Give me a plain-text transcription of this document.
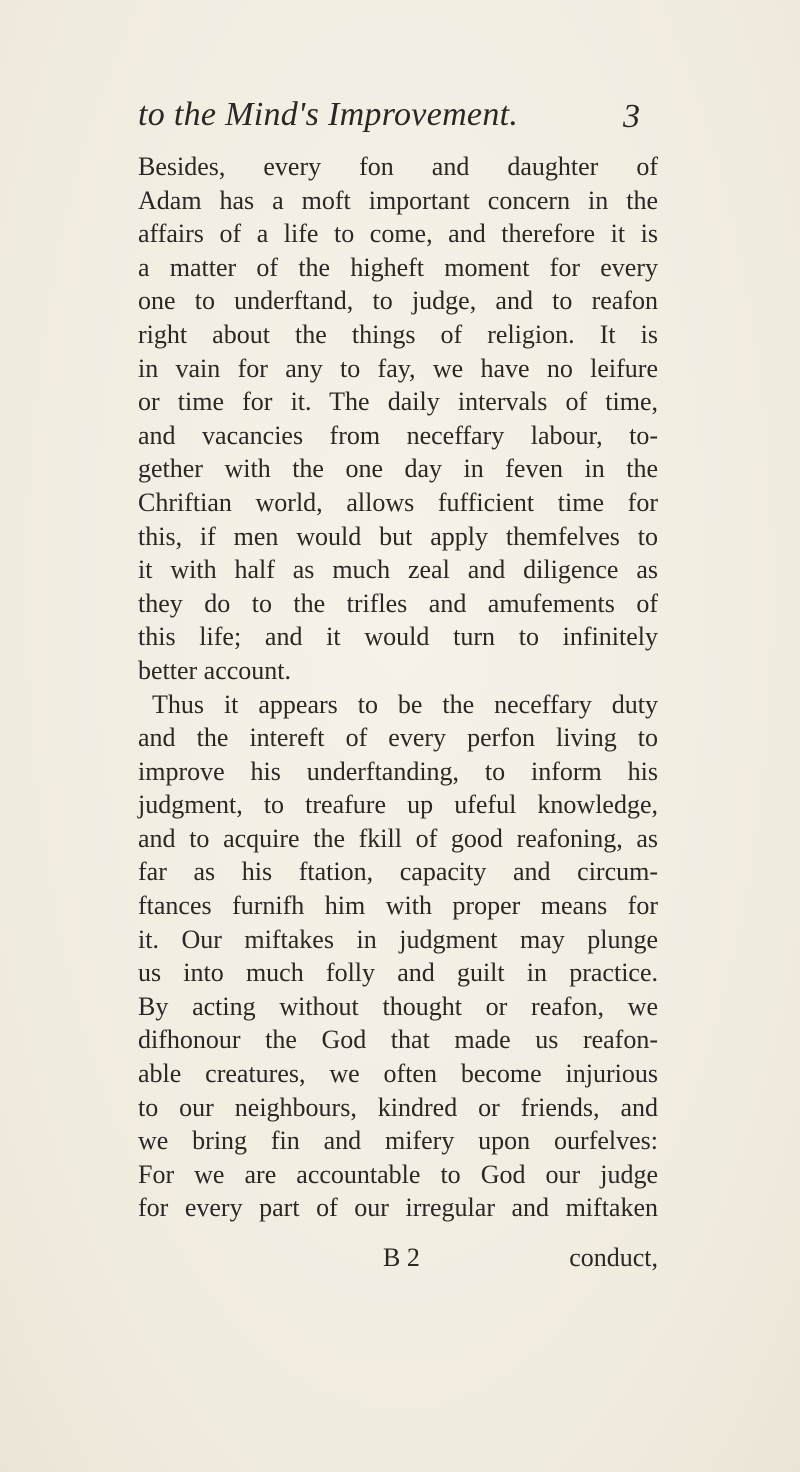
to the Mind's Improvement.	3
Besides, every fon and daughter of
Adam has a moft important concern in the
affairs of a life to come, and therefore it is
a matter of the higheft moment for every
one to underftand, to judge, and to reafon
right about the things of religion. It is
in vain for any to fay, we have no leifure
or time for it. The daily intervals of time,
and vacancies from neceffary labour, to-
gether with the one day in feven in the
Chriftian world, allows fufficient time for
this, if men would but apply themfelves to
it with half as much zeal and diligence as
they do to the trifles and amufements of
this life; and it would turn to infinitely
better account.
Thus it appears to be the neceffary duty
and the intereft of every perfon living to
improve his underftanding, to inform his
judgment, to treafure up ufeful knowledge,
and to acquire the fkill of good reafoning, as
far as his ftation, capacity and circum-
ftances furnifh him with proper means for
it. Our miftakes in judgment may plunge
us into much folly and guilt in practice.
By acting without thought or reafon, we
difhonour the God that made us reafon-
able creatures, we often become injurious
to our neighbours, kindred or friends, and
we bring fin and mifery upon ourfelves:
For we are accountable to God our judge
for every part of our irregular and miftaken
B 2	conduct,
